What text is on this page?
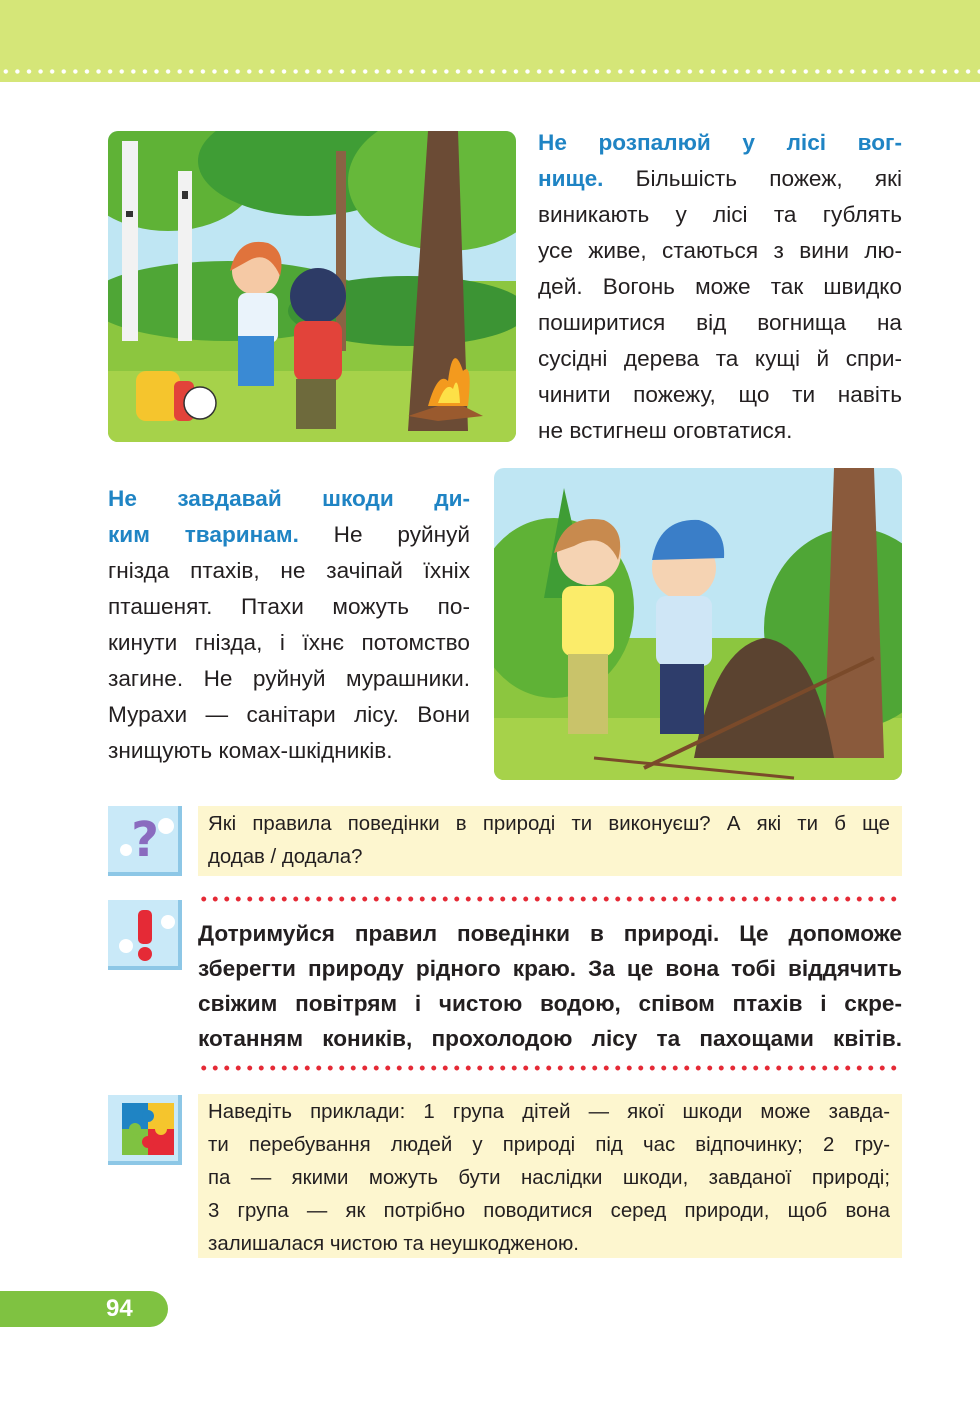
Не розпалюй у лісі вог-
нище. Більшість пожеж, які
виникають у лісі та гублять
усе живе, стаються з вини лю-
дей. Вогонь може так швидко
поширитися від вогнища на
сусідні дерева та кущі й спри-
чинити пожежу, що ти навіть
не встигнеш оговтатися.
Не завдавай шкоди ди-
ким тваринам. Не руйнуй
гнізда птахів, не зачіпай їхніх
пташенят. Птахи можуть по-
кинути гнізда, і їхнє потомство
загине. Не руйнуй мурашники.
Мурахи — санітари лісу. Вони
знищують комах-шкідників.
? Які правила поведінки в природі ти виконуєш? А які ти б ще
додав / додала?
Дотримуйся правил поведінки в природі. Це допоможе
зберегти природу рідного краю. За це вона тобі віддячить
свіжим повітрям і чистою водою, співом птахів і скре-
котанням коників, прохолодою лісу та пахощами квітів.
Наведіть приклади: 1 група дітей — якої шкоди може завда-
ти перебування людей у природі під час відпочинку; 2 гру-
па — якими можуть бути наслідки шкоди, завданої природі;
3 група — як потрібно поводитися серед природи, щоб вона
залишалася чистою та неушкодженою.
94
